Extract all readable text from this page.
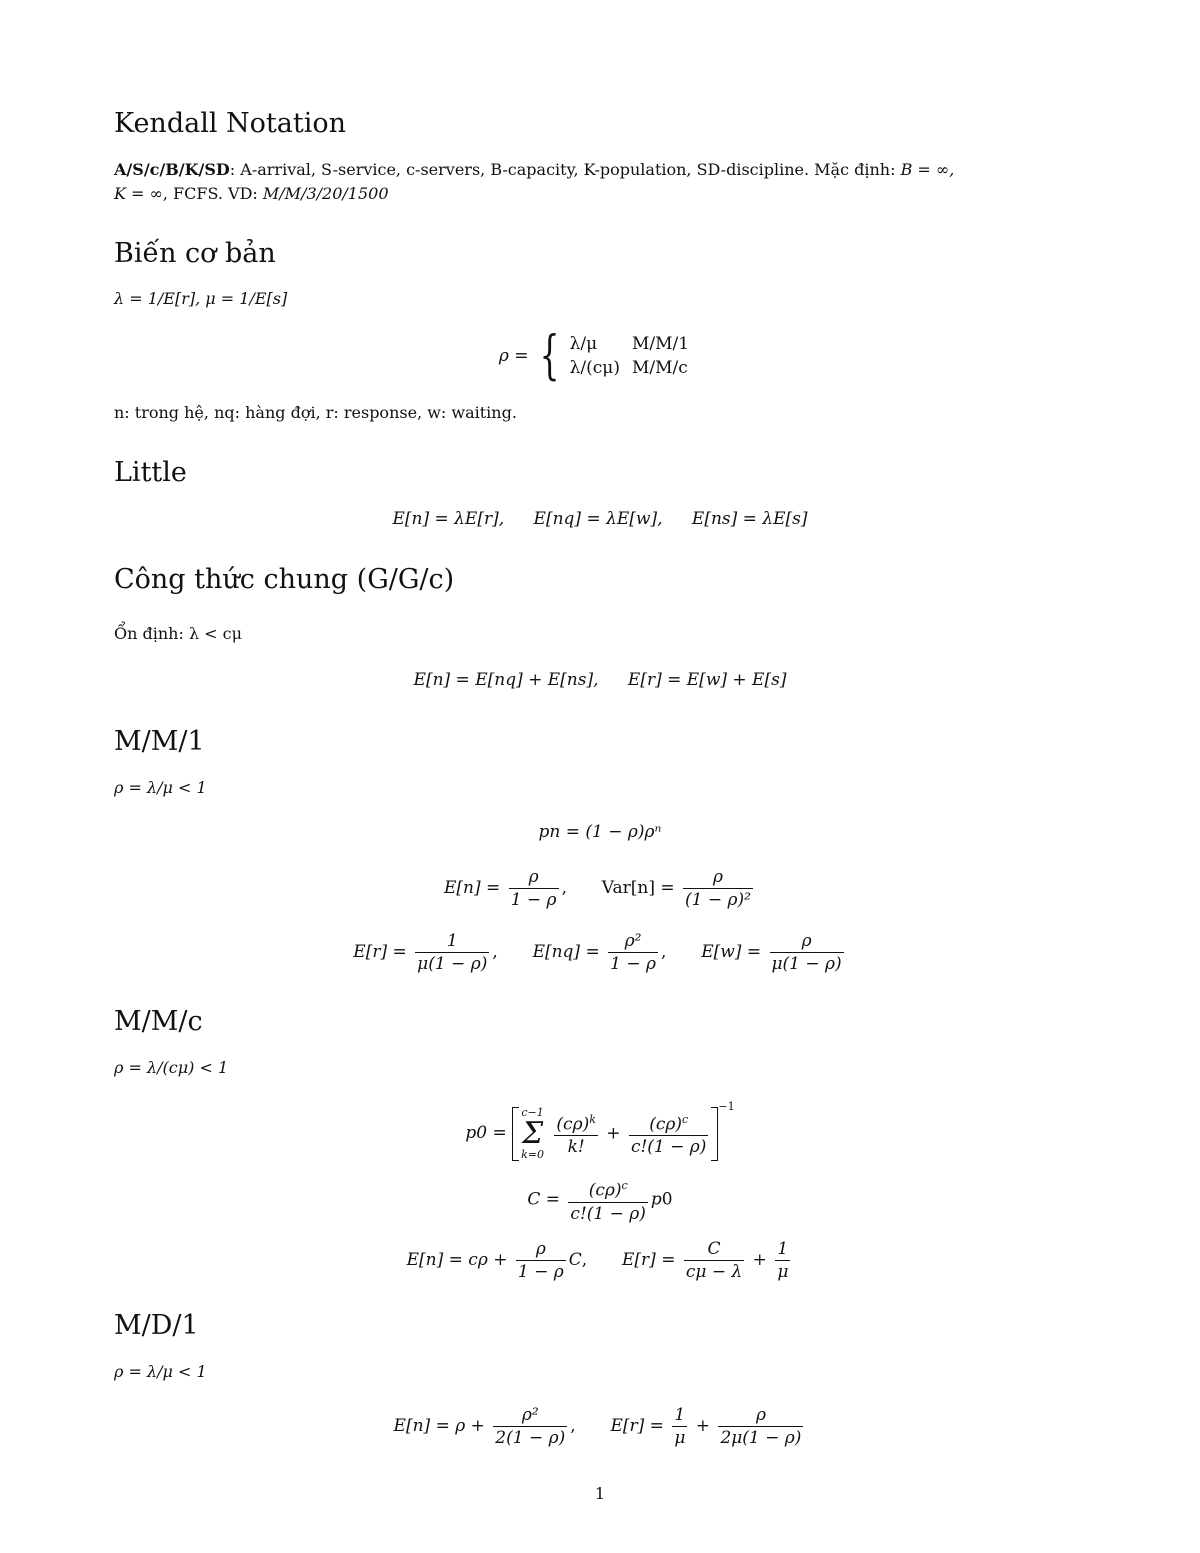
Kendall Notation

A/S/c/B/K/SD: A-arrival, S-service, c-servers, B-capacity, K-population, SD-discipline. Mặc định: B = ∞,

K = ∞, FCFS. VD: M/M/3/20/1500

Biến cơ bản

λ = 1/E[r], μ = 1/E[s]

ρ = { λ/μ	M/M/1
λ/(cμ)	M/M/c

n: trong hệ, nq: hàng đợi, r: response, w: waiting.

Little
E[n] = λE[r], E[nq] = λE[w], E[ns] = λE[s]
Công thức chung (G/G/c)

Ổn định: λ < cμ

E[n] = E[nq] + E[ns], E[r] = E[w] + E[s]
M/M/1

ρ = λ/μ < 1

pn = (1 − ρ)ρⁿ
$E[n] = \frac{\rho}{1 - \rho}$ ,  $Var[n] = \frac{\rho}{\text{(1 − ρ)²}}$
$E[r] = \frac{1}{\mu(1 - \rho)}$ ,  $E[nq] = \frac{\text{ρ²}}{1 - \rho}$ ,  $E[w] = \frac{\rho}{\mu(1 - \rho)}$
M/M/c

ρ = λ/(cμ) < 1

p0 = c−1
Σ
$k=0 \frac{(c\rho)^k}{k!} + \frac{(c\rho)^c}{c!(1 - \rho)}$
$^{-1}$
$C = \frac{(c\rho)^c}{c!(1 - \rho)} p0$
$E[n] = c\rho + \frac{\rho}{1 - \rho} C$,  $E[r] = \frac{C}{c\mu - \lambda} + \frac{1}{\mu}$
M/D/1

ρ = λ/μ < 1

$E[n] = \rho + \frac{\text{ρ²}}{2(1 - \rho)}$ ,  $E[r] = \frac{1}{\mu} + \frac{\rho}{2\mu(1 - \rho)}$
1
